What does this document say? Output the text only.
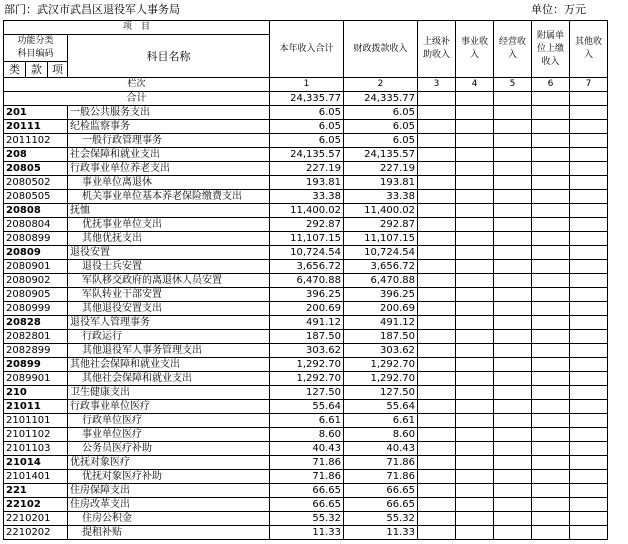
部门：武汉市武昌区退役军人事务局	单位：万元
项　目				本年收入合计	财政拨款收入	上级补助收入	事业收入	经营收入	附属单位上缴收入	其他收入

功能分类
科目编码			科目名称							
类	款	项								
栏次				1	2	3	4	5	6	7
合计				24,335.77	24,335.77					
201			一般公共服务支出	6.05	6.05					
20111			纪检监察事务	6.05	6.05					
2011102			一般行政管理事务	6.05	6.05					
208			社会保障和就业支出	24,135.57	24,135.57					
20805			行政事业单位养老支出	227.19	227.19					
2080502			事业单位离退休	193.81	193.81					
2080505			机关事业单位基本养老保险缴费支出	33.38	33.38					
20808			抚恤	11,400.02	11,400.02					
2080804			优抚事业单位支出	292.87	292.87					
2080899			其他优抚支出	11,107.15	11,107.15					
20809			退役安置	10,724.54	10,724.54					
2080901			退役士兵安置	3,656.72	3,656.72					
2080902			军队移交政府的离退休人员安置	6,470.88	6,470.88					
2080905			军队转业干部安置	396.25	396.25					
2080999			其他退役安置支出	200.69	200.69					
20828			退役军人管理事务	491.12	491.12					
2082801			行政运行	187.50	187.50					
2082899			其他退役军人事务管理支出	303.62	303.62					
20899			其他社会保障和就业支出	1,292.70	1,292.70					
2089901			其他社会保障和就业支出	1,292.70	1,292.70					
210			卫生健康支出	127.50	127.50					
21011			行政事业单位医疗	55.64	55.64					
2101101			行政单位医疗	6.61	6.61					
2101102			事业单位医疗	8.60	8.60					
2101103			公务员医疗补助	40.43	40.43					
21014			优抚对象医疗	71.86	71.86					
2101401			优抚对象医疗补助	71.86	71.86					
221			住房保障支出	66.65	66.65					
22102			住房改革支出	66.65	66.65					
2210201			住房公积金	55.32	55.32					
2210202			提租补贴	11.33	11.33					
